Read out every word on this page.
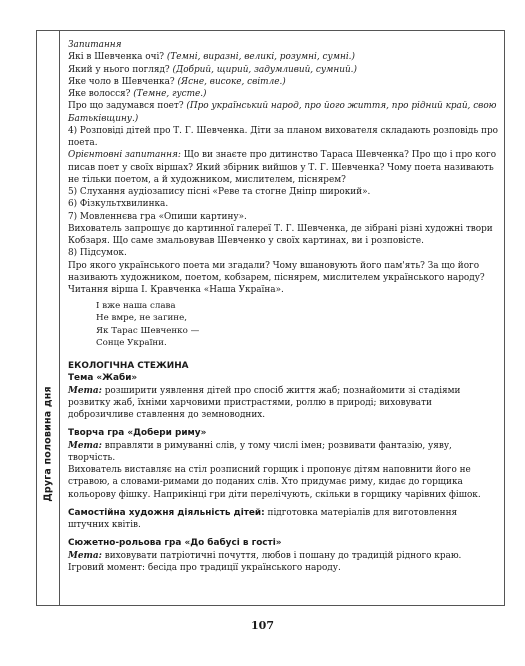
Друга половина дня

Запитання

Які в Шевченка очі? (Темні, виразні, великі, розумні, сумні.)

Який у нього погляд? (Добрий, щирий, задумливий, сумний.)

Яке чоло в Шевченка? (Ясне, високе, світле.)

Яке волосся? (Темне, густе.)

Про що задумався поет? (Про український народ, про його життя, про рідний край, свою Батьківщину.)

4) Розповіді дітей про Т. Г. Шевченка. Діти за планом вихователя складають розповідь про поета.

Орієнтовні запитання: Що ви знаєте про дитинство Тараса Шевченка? Про що і про кого писав поет у своїх віршах? Який збірник вийшов у Т. Г. Шевченка? Чому поета називають не тільки поетом, а й художником, мислителем, піснярем?

5) Слухання аудіозапису пісні «Реве та стогне Дніпр широкий».

6) Фізкультхвилинка.

7) Мовленнєва гра «Опиши картину».

Вихователь запрошує до картинної галереї Т. Г. Шевченка, де зібрані різні художні твори Кобзаря. Що саме змальовував Шевченко у своїх картинах, ви і розповісте.

8) Підсумок.

Про якого українського поета ми згадали? Чому вшановують його пам'ять? За що його називають художником, поетом, кобзарем, піснярем, мислителем українського народу?

Читання вірша І. Кравченка «Наша Україна».

І вже наша слава
Не вмре, не загине,
Як Тарас Шевченко —
Сонце України.

ЕКОЛОГІЧНА СТЕЖИНА

Тема «Жаби»

Мета: розширити уявлення дітей про спосіб життя жаб; познайомити зі стадіями розвитку жаб, їхніми харчовими пристрастями, роллю в природі; виховувати доброзичливе ставлення до земноводних.

Творча гра «Добери риму»

Мета: вправляти в римуванні слів, у тому числі імен; розвивати фантазію, уяву, творчість.

Вихователь виставляє на стіл розписний горщик і пропонує дітям наповнити його не стравою, а словами-римами до поданих слів. Хто придумає риму, кидає до горщика кольорову фішку. Наприкінці гри діти перелічують, скільки в горщику чарівних фішок.

Самостійна художня діяльність дітей: підготовка матеріалів для виготовлення штучних квітів.

Сюжетно-рольова гра «До бабусі в гості»

Мета: виховувати патріотичні почуття, любов і пошану до традицій рідного краю.

Ігровий момент: бесіда про традиції українського народу.

107
